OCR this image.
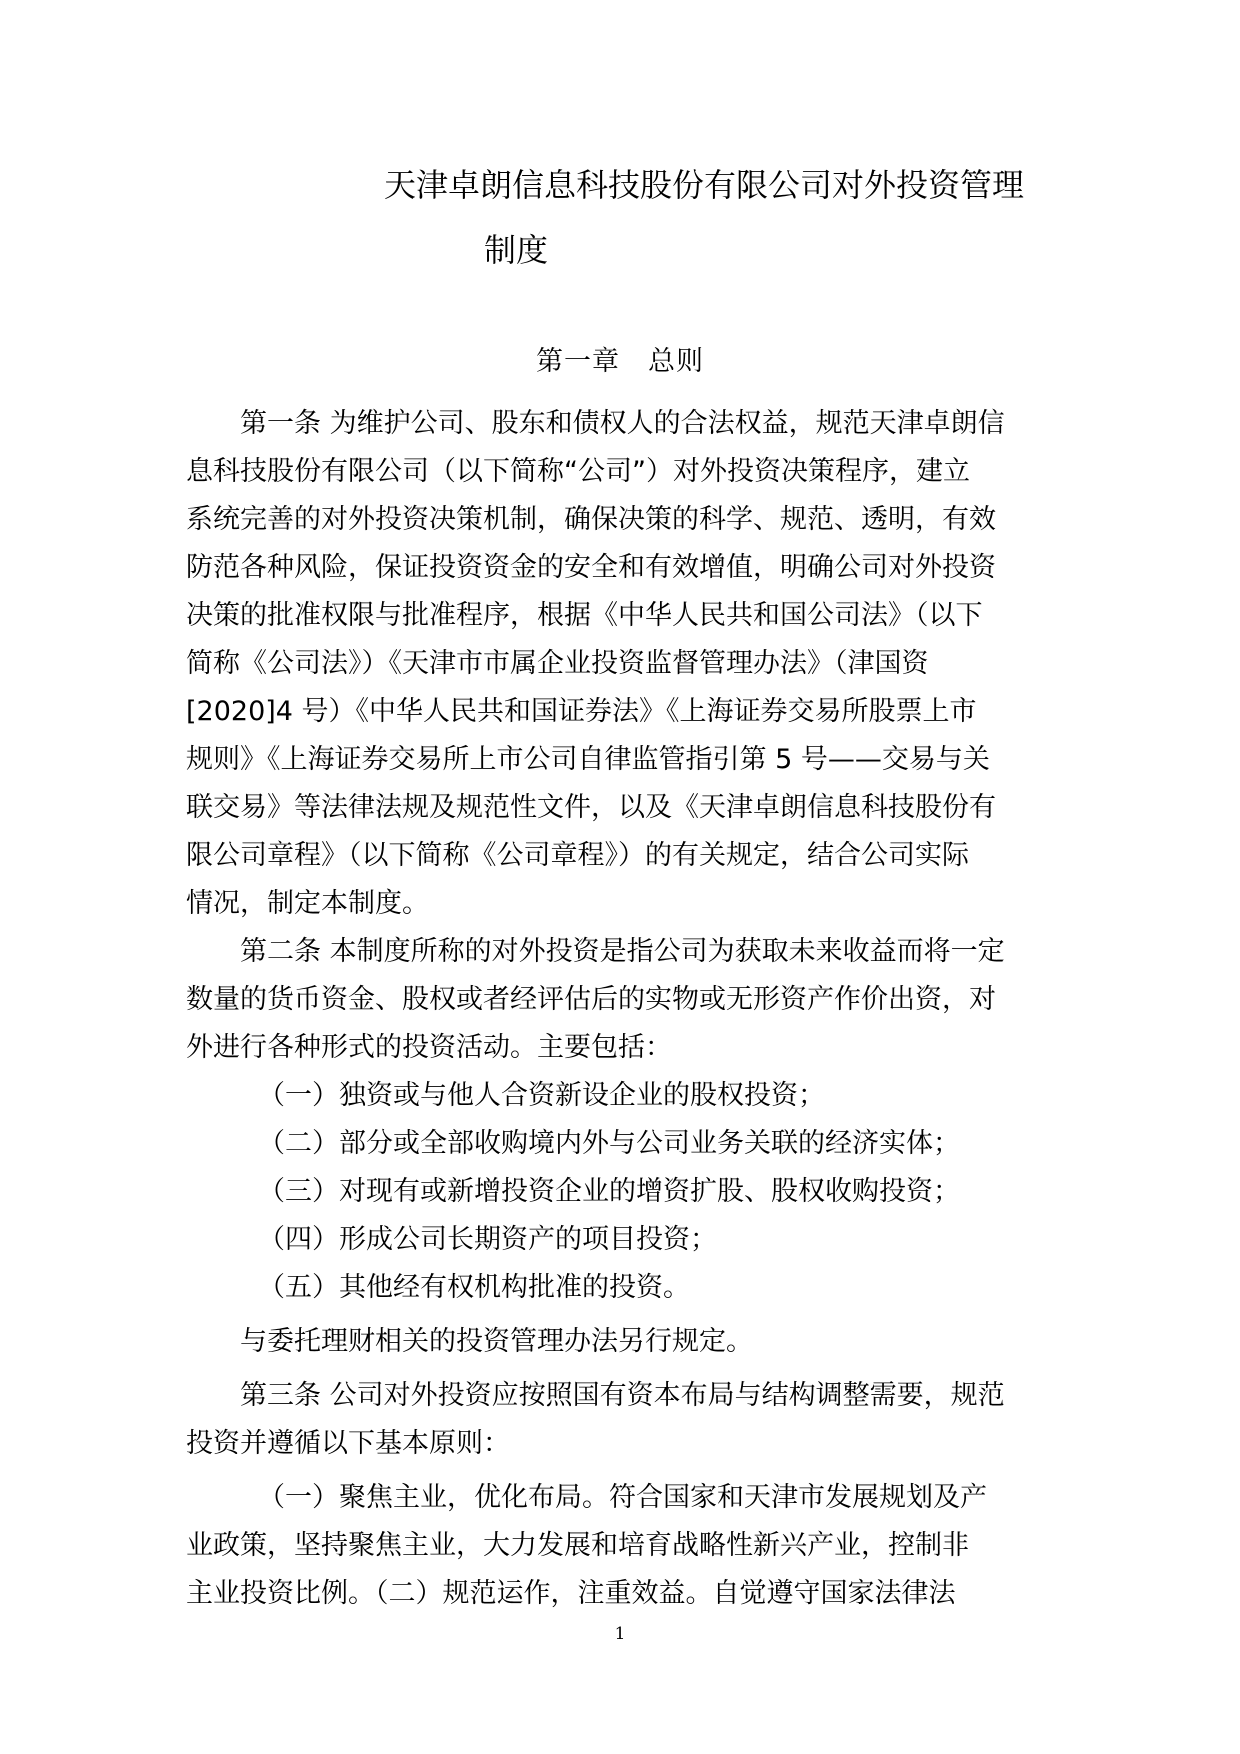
天津卓朗信息科技股份有限公司对外投资管理
制度
第一章　总则
第一条 为维护公司、股东和债权人的合法权益，规范天津卓朗信
息科技股份有限公司（以下简称“公司”）对外投资决策程序，建立
系统完善的对外投资决策机制，确保决策的科学、规范、透明，有效
防范各种风险，保证投资资金的安全和有效增值，明确公司对外投资
决策的批准权限与批准程序，根据《中华人民共和国公司法》（以下
简称《公司法》）《天津市市属企业投资监督管理办法》（津国资
[2020]4 号）《中华人民共和国证券法》《上海证券交易所股票上市
规则》《上海证券交易所上市公司自律监管指引第 5 号——交易与关
联交易》等法律法规及规范性文件，以及《天津卓朗信息科技股份有
限公司章程》（以下简称《公司章程》）的有关规定，结合公司实际
情况，制定本制度。
第二条 本制度所称的对外投资是指公司为获取未来收益而将一定
数量的货币资金、股权或者经评估后的实物或无形资产作价出资，对
外进行各种形式的投资活动。主要包括：
（一）独资或与他人合资新设企业的股权投资；
（二）部分或全部收购境内外与公司业务关联的经济实体；
（三）对现有或新增投资企业的增资扩股、股权收购投资；
（四）形成公司长期资产的项目投资；
（五）其他经有权机构批准的投资。
与委托理财相关的投资管理办法另行规定。
第三条 公司对外投资应按照国有资本布局与结构调整需要，规范
投资并遵循以下基本原则：
（一）聚焦主业，优化布局。符合国家和天津市发展规划及产
业政策，坚持聚焦主业，大力发展和培育战略性新兴产业，控制非
主业投资比例。（二）规范运作，注重效益。自觉遵守国家法律法
1
